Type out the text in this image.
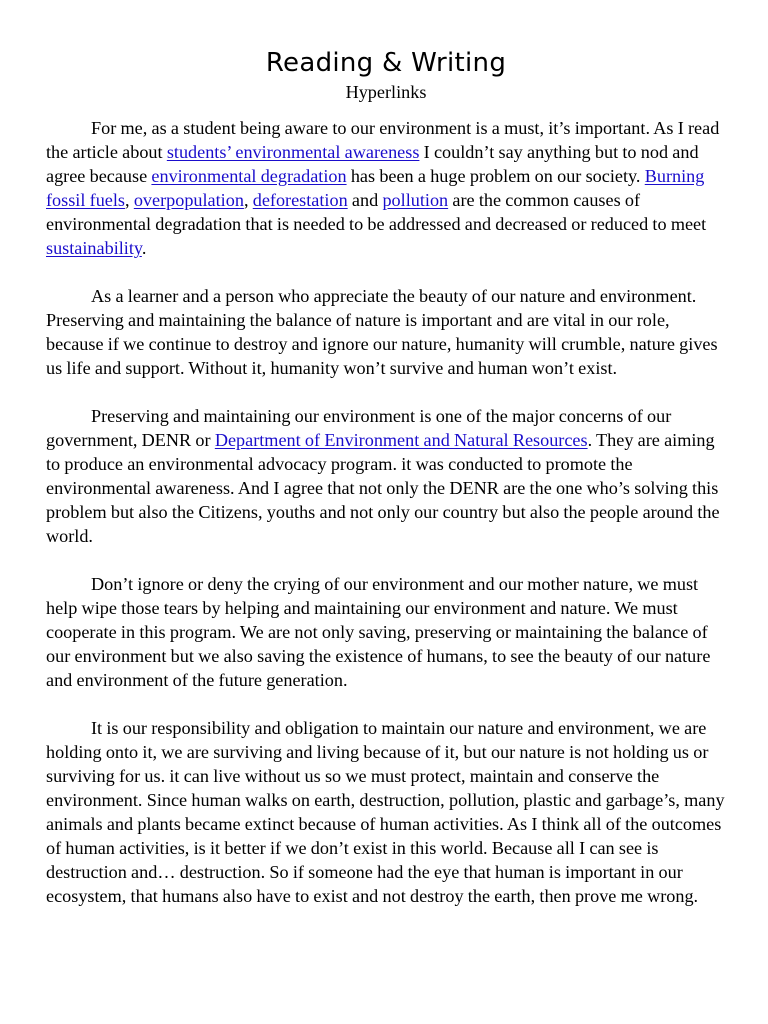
Reading & Writing
Hyperlinks

For me, as a student being aware to our environment is a must, it’s important. As I read the article about students’ environmental awareness I couldn’t say anything but to nod and agree because environmental degradation has been a huge problem on our society. Burning fossil fuels, overpopulation, deforestation and pollution are the common causes of environmental degradation that is needed to be addressed and decreased or reduced to meet sustainability.

As a learner and a person who appreciate the beauty of our nature and environment. Preserving and maintaining the balance of nature is important and are vital in our role, because if we continue to destroy and ignore our nature, humanity will crumble, nature gives us life and support. Without it, humanity won’t survive and human won’t exist.

Preserving and maintaining our environment is one of the major concerns of our government, DENR or Department of Environment and Natural Resources. They are aiming to produce an environmental advocacy program. it was conducted to promote the environmental awareness. And I agree that not only the DENR are the one who’s solving this problem but also the Citizens, youths and not only our country but also the people around the world.

Don’t ignore or deny the crying of our environment and our mother nature, we must help wipe those tears by helping and maintaining our environment and nature. We must cooperate in this program. We are not only saving, preserving or maintaining the balance of our environment but we also saving the existence of humans, to see the beauty of our nature and environment of the future generation.

It is our responsibility and obligation to maintain our nature and environment, we are holding onto it, we are surviving and living because of it, but our nature is not holding us or surviving for us. it can live without us so we must protect, maintain and conserve the environment. Since human walks on earth, destruction, pollution, plastic and garbage’s, many animals and plants became extinct because of human activities. As I think all of the outcomes of human activities, is it better if we don’t exist in this world. Because all I can see is destruction and… destruction. So if someone had the eye that human is important in our ecosystem, that humans also have to exist and not destroy the earth, then prove me wrong.
